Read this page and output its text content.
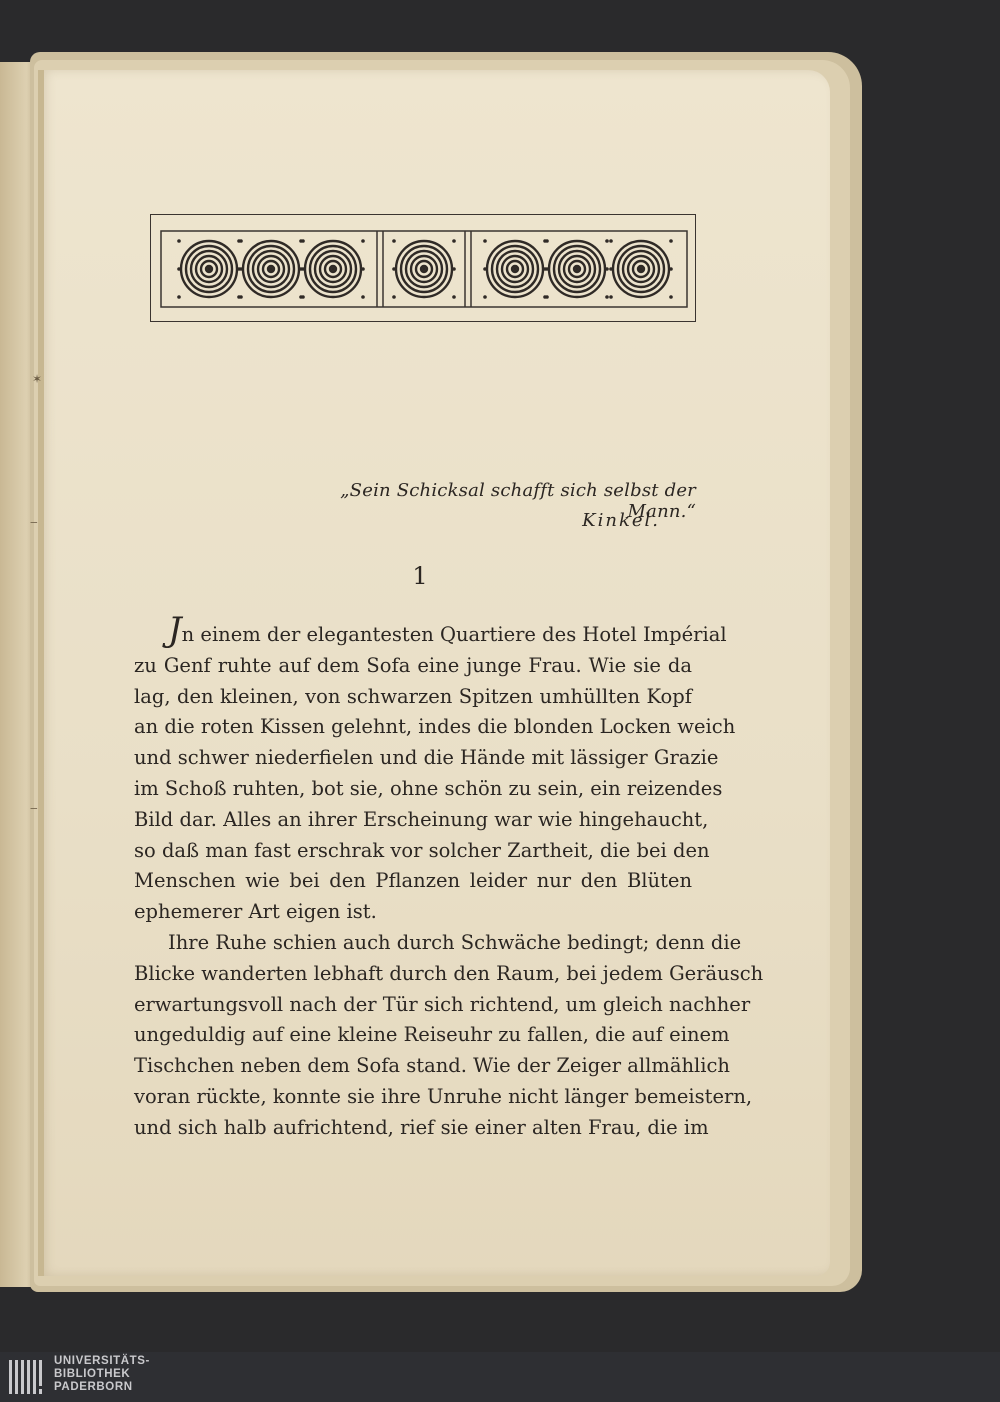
✶
‒
‒
„Sein Schicksal schafft sich selbst der Mann.“
Kinkel.
1
Jn einem der elegantesten Quartiere des Hotel Impérial
zu Genf ruhte auf dem Sofa eine junge Frau. Wie sie da
lag, den kleinen, von schwarzen Spitzen umhüllten Kopf
an die roten Kissen gelehnt, indes die blonden Locken weich
und schwer niederfielen und die Hände mit lässiger Grazie
im Schoß ruhten, bot sie, ohne schön zu sein, ein reizendes
Bild dar. Alles an ihrer Erscheinung war wie hingehaucht,
so daß man fast erschrak vor solcher Zartheit, die bei den
Menschen wie bei den Pflanzen leider nur den Blüten
ephemerer Art eigen ist.
Ihre Ruhe schien auch durch Schwäche bedingt; denn die
Blicke wanderten lebhaft durch den Raum, bei jedem Geräusch
erwartungsvoll nach der Tür sich richtend, um gleich nachher
ungeduldig auf eine kleine Reiseuhr zu fallen, die auf einem
Tischchen neben dem Sofa stand. Wie der Zeiger allmählich
voran rückte, konnte sie ihre Unruhe nicht länger bemeistern,
und sich halb aufrichtend, rief sie einer alten Frau, die im
UNIVERSITÄTS-
BIBLIOTHEK
PADERBORN
